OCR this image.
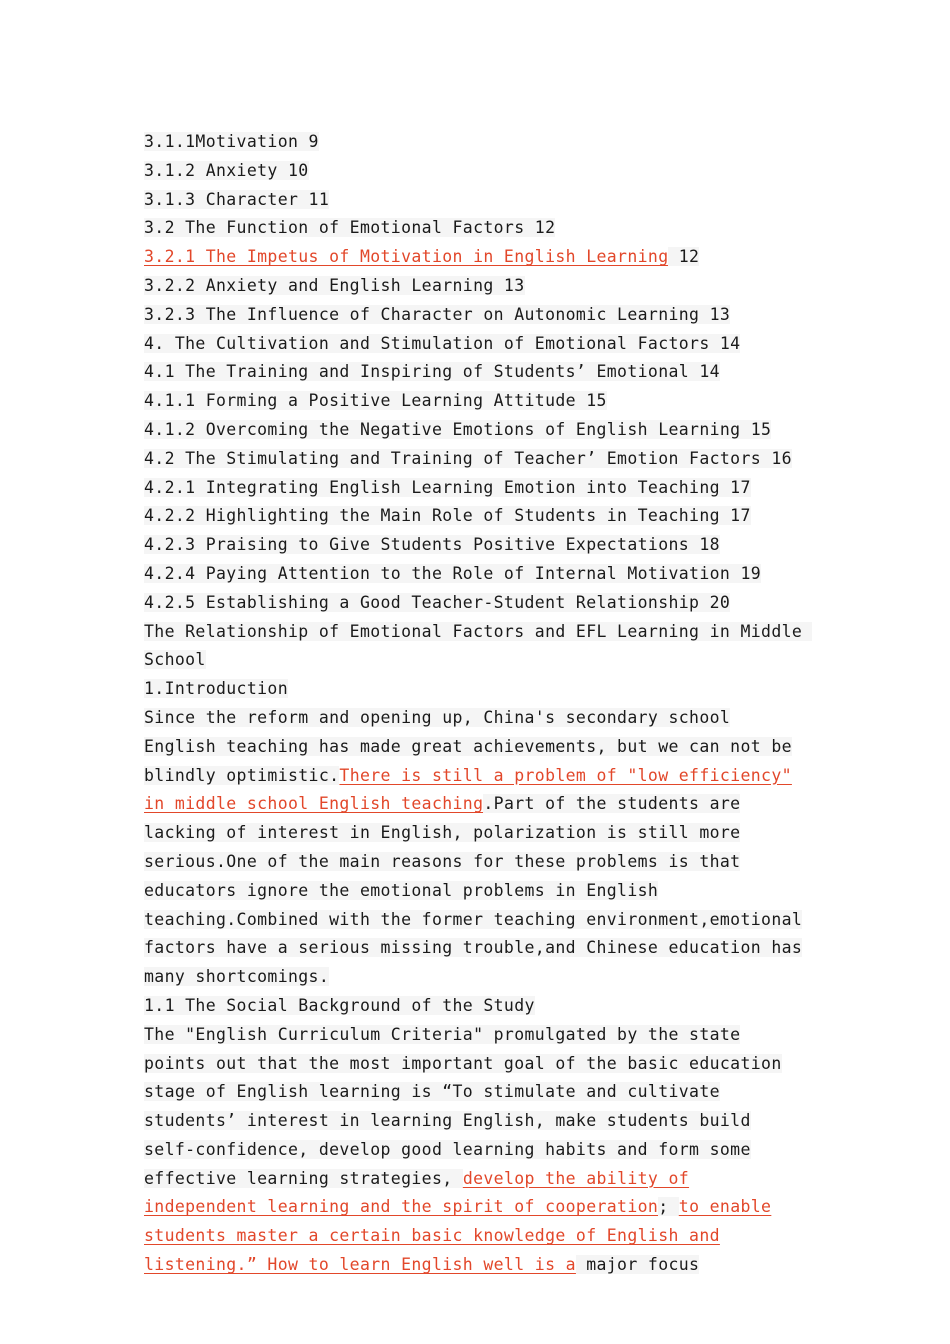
3.1.1Motivation 9
3.1.2 Anxiety 10
3.1.3 Character 11
3.2 The Function of Emotional Factors 12
3.2.1 The Impetus of Motivation in English Learning 12
3.2.2 Anxiety and English Learning 13
3.2.3 The Influence of Character on Autonomic Learning 13
4. The Cultivation and Stimulation of Emotional Factors 14
4.1 The Training and Inspiring of Students’ Emotional 14
4.1.1 Forming a Positive Learning Attitude 15
4.1.2 Overcoming the Negative Emotions of English Learning 15
4.2 The Stimulating and Training of Teacher’ Emotion Factors 16
4.2.1 Integrating English Learning Emotion into Teaching 17
4.2.2 Highlighting the Main Role of Students in Teaching 17
4.2.3 Praising to Give Students Positive Expectations 18
4.2.4 Paying Attention to the Role of Internal Motivation 19
4.2.5 Establishing a Good Teacher-Student Relationship 20
The Relationship of Emotional Factors and EFL Learning in Middle School
1.Introduction
Since the reform and opening up, China's secondary school English teaching has made great achievements, but we can not be blindly optimistic.There is still a problem of "low efficiency" in middle school English teaching.Part of the students are lacking of interest in English, polarization is still more serious.One of the main reasons for these problems is that educators ignore the emotional problems in English teaching.Combined with the former teaching environment,emotional factors have a serious missing trouble,and Chinese education has many shortcomings.
1.1 The Social Background of the Study
The "English Curriculum Criteria" promulgated by the state points out that the most important goal of the basic education stage of English learning is “To stimulate and cultivate students’ interest in learning English, make students build self-confidence, develop good learning habits and form some effective learning strategies, develop the ability of independent learning and the spirit of cooperation; to enable students master a certain basic knowledge of English and listening.” How to learn English well is a major focus
